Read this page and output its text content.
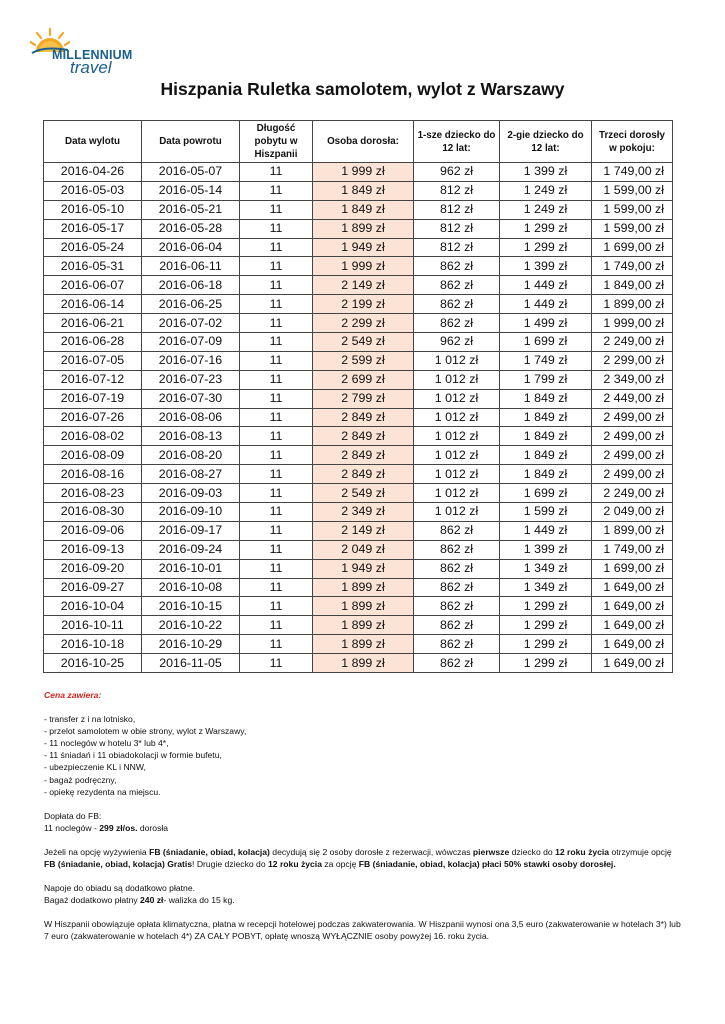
MILLENNIUM
travel
Hiszpania Ruletka samolotem, wylot z Warszawy
Data wylotu	Data powrotu	Długość pobytu w Hiszpanii	Osoba dorosła:	1-sze dziecko do 12 lat:	2-gie dziecko do 12 lat:	Trzeci dorosły w pokoju:
2016-04-26	2016-05-07	11	1 999 zł	962 zł	1 399 zł	1 749,00 zł
2016-05-03	2016-05-14	11	1 849 zł	812 zł	1 249 zł	1 599,00 zł
2016-05-10	2016-05-21	11	1 849 zł	812 zł	1 249 zł	1 599,00 zł
2016-05-17	2016-05-28	11	1 899 zł	812 zł	1 299 zł	1 599,00 zł
2016-05-24	2016-06-04	11	1 949 zł	812 zł	1 299 zł	1 699,00 zł
2016-05-31	2016-06-11	11	1 999 zł	862 zł	1 399 zł	1 749,00 zł
2016-06-07	2016-06-18	11	2 149 zł	862 zł	1 449 zł	1 849,00 zł
2016-06-14	2016-06-25	11	2 199 zł	862 zł	1 449 zł	1 899,00 zł
2016-06-21	2016-07-02	11	2 299 zł	862 zł	1 499 zł	1 999,00 zł
2016-06-28	2016-07-09	11	2 549 zł	962 zł	1 699 zł	2 249,00 zł
2016-07-05	2016-07-16	11	2 599 zł	1 012 zł	1 749 zł	2 299,00 zł
2016-07-12	2016-07-23	11	2 699 zł	1 012 zł	1 799 zł	2 349,00 zł
2016-07-19	2016-07-30	11	2 799 zł	1 012 zł	1 849 zł	2 449,00 zł
2016-07-26	2016-08-06	11	2 849 zł	1 012 zł	1 849 zł	2 499,00 zł
2016-08-02	2016-08-13	11	2 849 zł	1 012 zł	1 849 zł	2 499,00 zł
2016-08-09	2016-08-20	11	2 849 zł	1 012 zł	1 849 zł	2 499,00 zł
2016-08-16	2016-08-27	11	2 849 zł	1 012 zł	1 849 zł	2 499,00 zł
2016-08-23	2016-09-03	11	2 549 zł	1 012 zł	1 699 zł	2 249,00 zł
2016-08-30	2016-09-10	11	2 349 zł	1 012 zł	1 599 zł	2 049,00 zł
2016-09-06	2016-09-17	11	2 149 zł	862 zł	1 449 zł	1 899,00 zł
2016-09-13	2016-09-24	11	2 049 zł	862 zł	1 399 zł	1 749,00 zł
2016-09-20	2016-10-01	11	1 949 zł	862 zł	1 349 zł	1 699,00 zł
2016-09-27	2016-10-08	11	1 899 zł	862 zł	1 349 zł	1 649,00 zł
2016-10-04	2016-10-15	11	1 899 zł	862 zł	1 299 zł	1 649,00 zł
2016-10-11	2016-10-22	11	1 899 zł	862 zł	1 299 zł	1 649,00 zł
2016-10-18	2016-10-29	11	1 899 zł	862 zł	1 299 zł	1 649,00 zł
2016-10-25	2016-11-05	11	1 899 zł	862 zł	1 299 zł	1 649,00 zł

Cena zawiera:

- transfer z i na lotnisko,

- przelot samolotem w obie strony, wylot z Warszawy,

- 11 noclegów w hotelu 3* lub 4*,

- 11 śniadań i 11 obiadokolacji w formie bufetu,

- ubezpieczenie KL i NNW,

- bagaż podręczny,

- opiekę rezydenta na miejscu.

Dopłata do FB:

11 noclegów - 299 zł/os. dorosła

Jeżeli na opcję wyżywienia FB (śniadanie, obiad, kolacja) decydują się 2 osoby dorosłe z rezerwacji, wówczas pierwsze dziecko do 12 roku życia otrzymuje opcję FB (śniadanie, obiad, kolacja) Gratis! Drugie dziecko do 12 roku życia za opcję FB (śniadanie, obiad, kolacja) płaci 50% stawki osoby dorosłej.

Napoje do obiadu są dodatkowo płatne.

Bagaż dodatkowo płatny 240 zł- walizka do 15 kg.

W Hiszpanii obowiązuje opłata klimatyczna, płatna w recepcji hotelowej podczas zakwaterowania. W Hiszpanii wynosi ona 3,5 euro (zakwaterowanie w hotelach 3*) lub 7 euro (zakwaterowanie w hotelach 4*) ZA CAŁY POBYT, opłatę wnoszą WYŁĄCZNIE osoby powyżej 16. roku życia.
